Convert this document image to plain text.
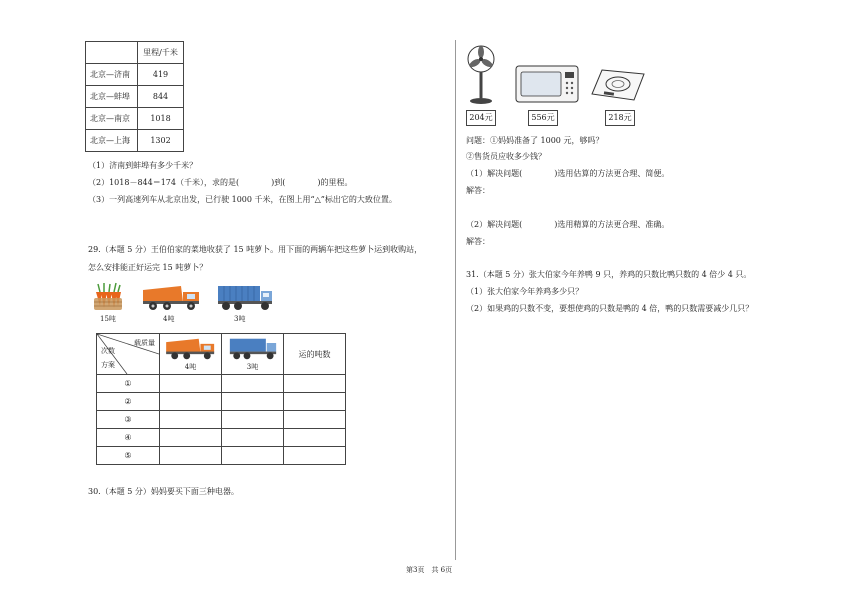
	里程/千米
北京—济南	419
北京—蚌埠	844
北京—南京	1018
北京—上海	1302
（1）济南到蚌埠有多少千米？
（2）1018－844＝174（千米），求的是(　　　　)到(　　　　)的里程。
（3）一列高速列车从北京出发，已行驶 1000 千米，在图上用“△”标出它的大致位置。
29.（本题 5 分）王伯伯家的菜地收获了 15 吨萝卜。用下面的两辆车把这些萝卜运到收购站，
怎么安排能正好运完 15 吨萝卜？
15吨	4吨	3吨
载质量
次数
方案	4吨	3吨	运的吨数
①			
②			
③			
④			
⑤			
30.（本题 5 分）妈妈要买下面三种电器。
204元	556元	218元
问题：①妈妈准备了 1000 元，够吗？
②售货员应收多少钱？
（1）解决问题(　　　　)选用估算的方法更合理、简便。
解答：
（2）解决问题(　　　　)选用精算的方法更合理、准确。
解答：
31.（本题 5 分）张大伯家今年养鸭 9 只，养鸡的只数比鸭只数的 4 倍少 4 只。
（1）张大伯家今年养鸡多少只？
（2）如果鸡的只数不变，要想使鸡的只数是鸭的 4 倍，鸭的只数需要减少几只？
第3页　共 6页
